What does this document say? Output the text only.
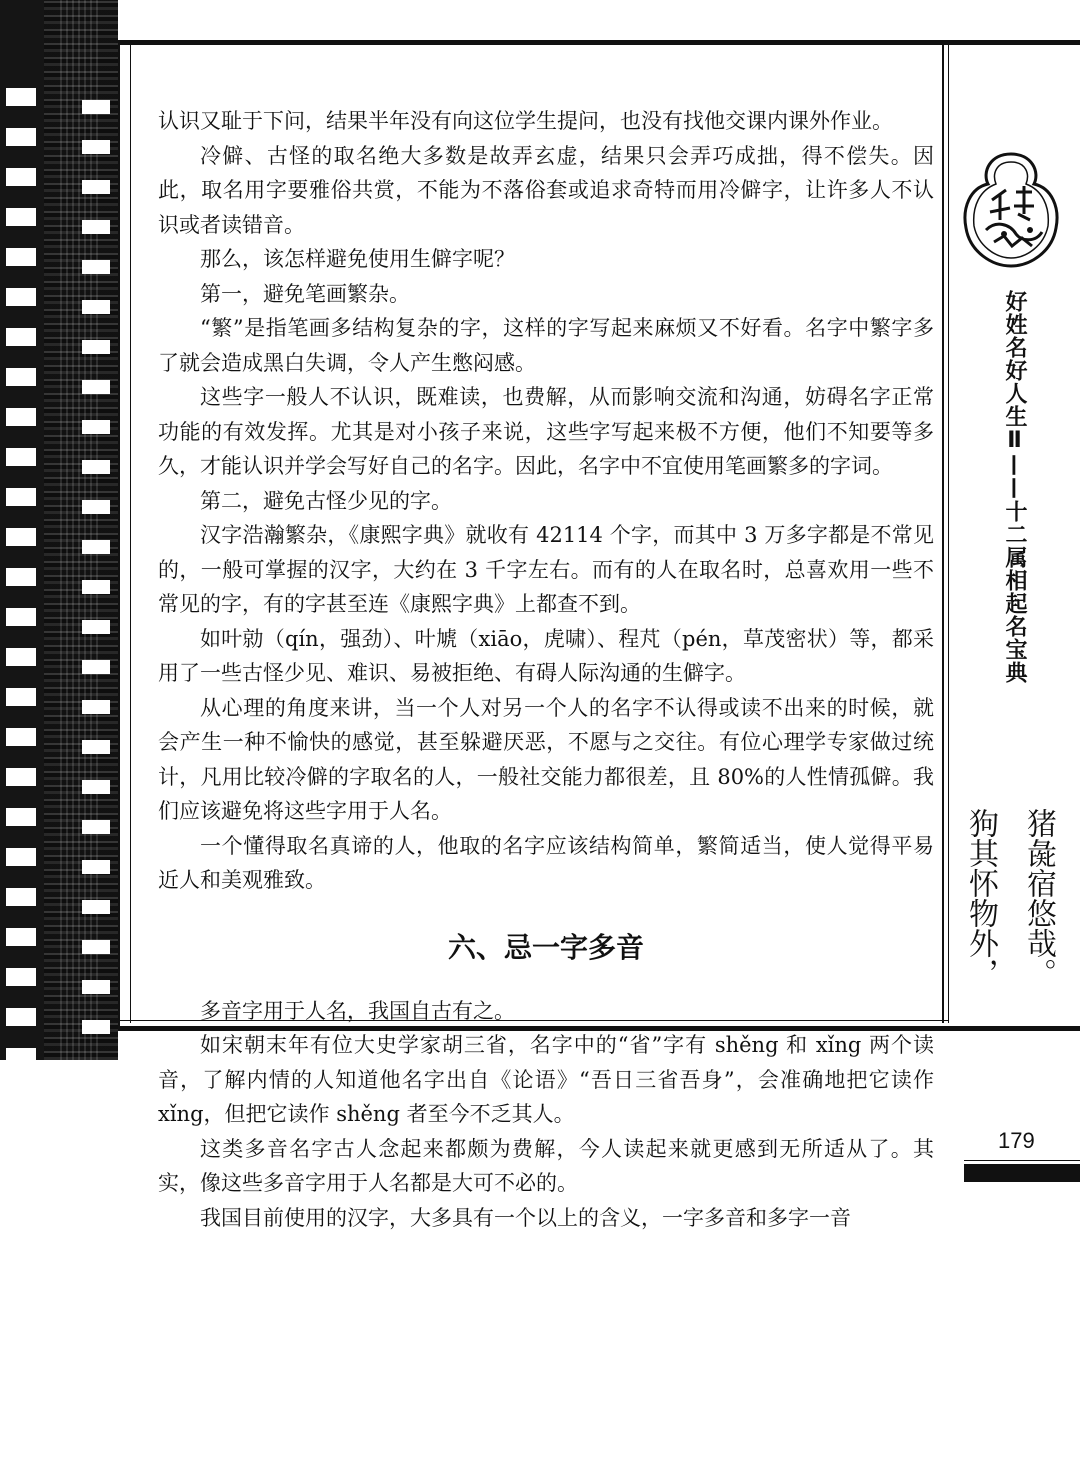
认识又耻于下问，结果半年没有向这位学生提问，也没有找他交课内课外作业。

冷僻、古怪的取名绝大多数是故弄玄虚，结果只会弄巧成拙，得不偿失。因此，取名用字要雅俗共赏，不能为不落俗套或追求奇特而用冷僻字，让许多人不认识或者读错音。

那么，该怎样避免使用生僻字呢？

第一，避免笔画繁杂。

“繁”是指笔画多结构复杂的字，这样的字写起来麻烦又不好看。名字中繁字多了就会造成黑白失调，令人产生憋闷感。

这些字一般人不认识，既难读，也费解，从而影响交流和沟通，妨碍名字正常功能的有效发挥。尤其是对小孩子来说，这些字写起来极不方便，他们不知要等多久，才能认识并学会写好自己的名字。因此，名字中不宜使用笔画繁多的字词。

第二，避免古怪少见的字。

汉字浩瀚繁杂，《康熙字典》就收有 42114 个字，而其中 3 万多字都是不常见的，一般可掌握的汉字，大约在 3 千字左右。而有的人在取名时，总喜欢用一些不常见的字，有的字甚至连《康熙字典》上都查不到。

如叶勍（qín，强劲）、叶虓（xiāo，虎啸）、程芃（pén，草茂密状）等，都采用了一些古怪少见、难识、易被拒绝、有碍人际沟通的生僻字。

从心理的角度来讲，当一个人对另一个人的名字不认得或读不出来的时候，就会产生一种不愉快的感觉，甚至躲避厌恶，不愿与之交往。有位心理学专家做过统计，凡用比较冷僻的字取名的人，一般社交能力都很差，且 80%的人性情孤僻。我们应该避免将这些字用于人名。

一个懂得取名真谛的人，他取的名字应该结构简单，繁简适当，使人觉得平易近人和美观雅致。

六、忌一字多音

多音字用于人名，我国自古有之。

如宋朝末年有位大史学家胡三省，名字中的“省”字有 shěng 和 xǐng 两个读音，了解内情的人知道他名字出自《论语》“吾日三省吾身”，会准确地把它读作 xǐng，但把它读作 shěng 者至今不乏其人。

这类多音名字古人念起来都颇为费解，今人读起来就更感到无所适从了。其实，像这些多音字用于人名都是大可不必的。

我国目前使用的汉字，大多具有一个以上的含义，一字多音和多字一音

好姓名好人生Ⅱ——十二属相起名宝典
猪彘宿悠哉。
狗其怀物外，
179
